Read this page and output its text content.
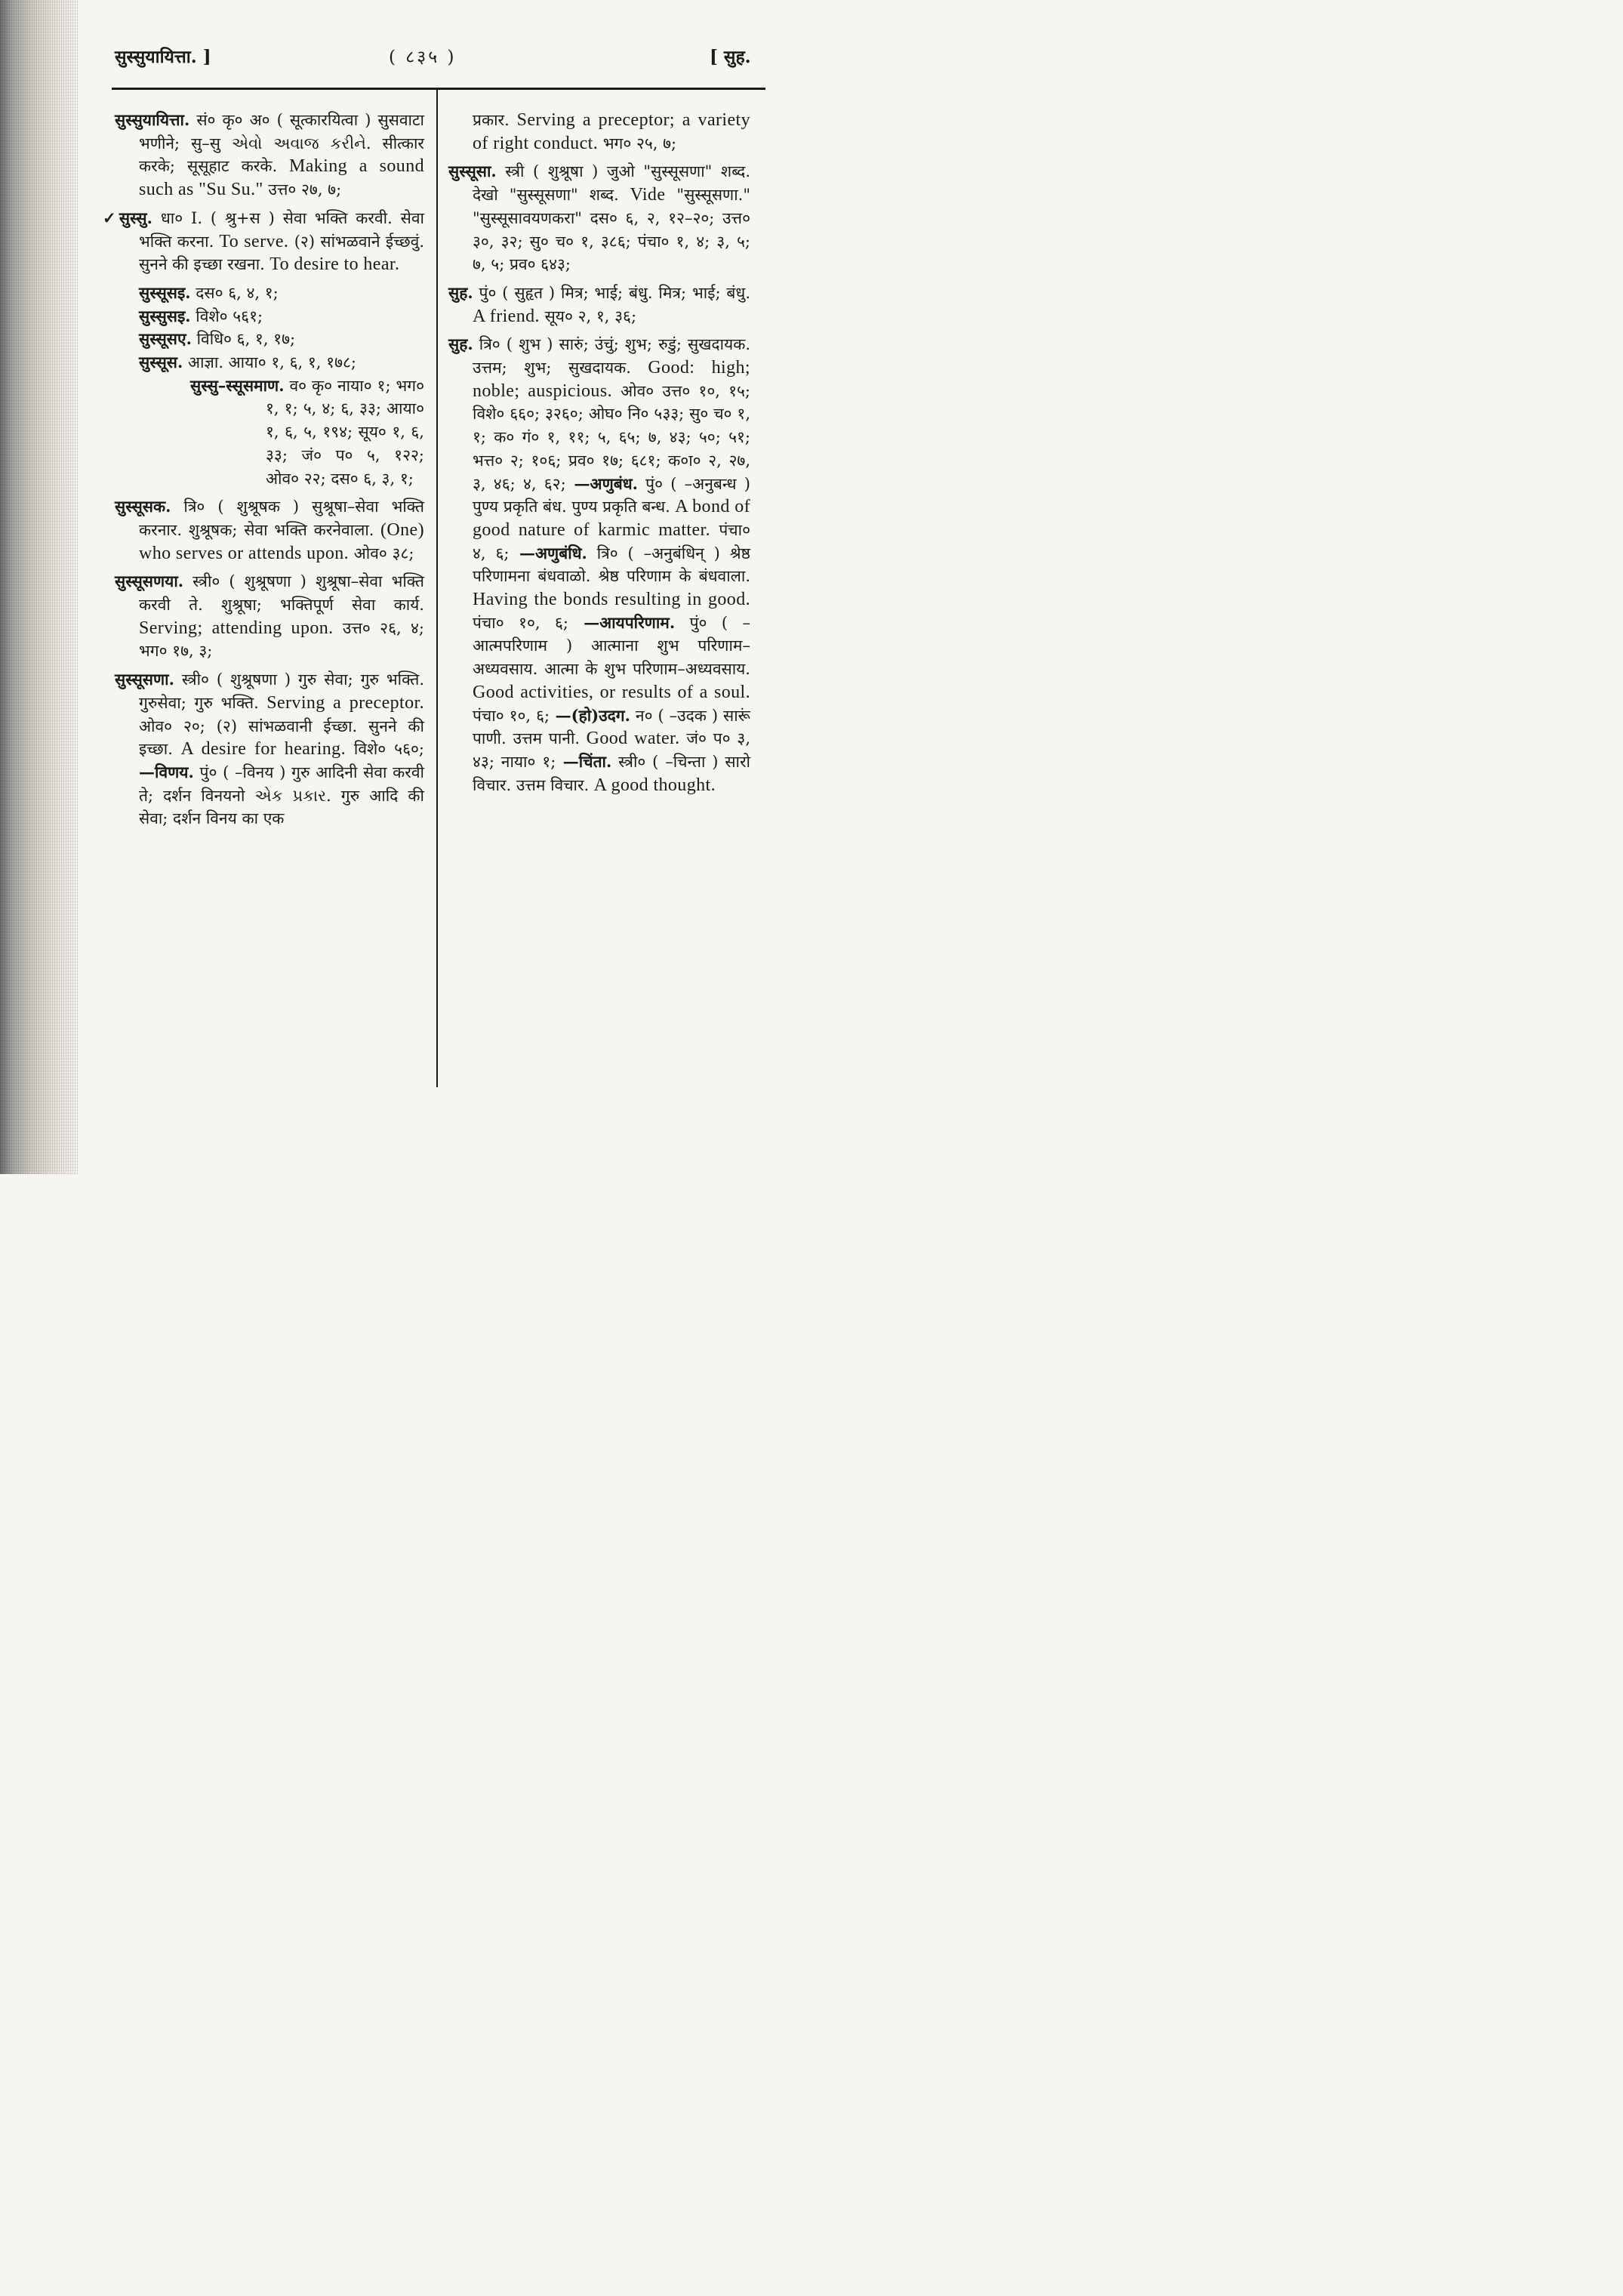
सुस्सुयायित्ता. ]	( ८३५ )	[ सुह.

सुस्सुयायित्ता. सं० कृ० अ० ( सूत्कारयित्वा ) सुसवाटा भणीने; सु–सु એવો અવાજ કરીને. सीत्कार करके; सूसूहाट करके. Making a sound such as "Su Su." उत्त० २७, ७;

✓सुस्सु. धा० I. ( श्रु+स ) सेवा भक्ति करवी. सेवा भक्ति करना. To serve. (२) सांभळवाने ईच्छवुं. सुनने की इच्छा रखना. To desire to hear.

सुस्सूसइ. दस० ६, ४, १;

सुस्सुसइ. विशे० ५६१;

सुस्सूसए. विधि० ६, १, १७;

सुस्सूस. आज्ञा. आया० १, ६, १, १७८;

सुस्सु–स्सूसमाण. व० कृ० नाया० १; भग० १, १; ५, ४; ६, ३३; आया० १, ६, ५, १९४; सूय० १, ६, ३३; जं० प० ५, १२२; ओव० २२; दस० ६, ३, १;

सुस्सूसक. त्रि० ( शुश्रूषक ) सुश्रूषा–सेवा भक्ति करनार. शुश्रूषक; सेवा भक्ति करनेवाला. (One) who serves or attends upon. ओव० ३८;

सुस्सूसणया. स्त्री० ( शुश्रूषणा ) शुश्रूषा–सेवा भक्ति करवी ते. शुश्रूषा; भक्तिपूर्ण सेवा कार्य. Serving; attending upon. उत्त० २६, ४; भग० १७, ३;

सुस्सूसणा. स्त्री० ( शुश्रूषणा ) गुरु सेवा; गुरु भक्ति. गुरुसेवा; गुरु भक्ति. Serving a preceptor. ओव० २०; (२) सांभळवानी ईच्छा. सुनने की इच्छा. A desire for hearing. विशे० ५६०; —विणय. पुं० ( –विनय ) गुरु आदिनी सेवा करवी ते; दर्शन विनयनो એક પ્રકાર. गुरु आदि की सेवा; दर्शन विनय का एक

प्रकार. Serving a preceptor; a variety of right conduct. भग० २५, ७;

सुस्सूसा. स्त्री ( शुश्रूषा ) जुओ "सुस्सूसणा" शब्द. देखो "सुस्सूसणा" शब्द. Vide "सुस्सूसणा." "सुस्सूसावयणकरा" दस० ६, २, १२–२०; उत्त० ३०, ३२; सु० च० १, ३८६; पंचा० १, ४; ३, ५; ७, ५; प्रव० ६४३;

सुह. पुं० ( सुहृत ) मित्र; भाई; बंधु. मित्र; भाई; बंधु. A friend. सूय० २, १, ३६;

सुह. त्रि० ( शुभ ) सारुं; उंचुं; शुभ; रुडुं; सुखदायक. उत्तम; शुभ; सुखदायक. Good: high; noble; auspicious. ओव० उत्त० १०, १५; विशे० ६६०; ३२६०; ओघ० नि० ५३३; सु० च० १, १; क० गं० १, ११; ५, ६५; ७, ४३; ५०; ५१; भत्त० २; १०६; प्रव० १७; ६८१; क०ा० २, २७, ३, ४६; ४, ६२; —अणुबंध. पुं० ( –अनुबन्ध ) पुण्य प्रकृति बंध. पुण्य प्रकृति बन्ध. A bond of good nature of karmic matter. पंचा० ४, ६; —अणुबंधि. त्रि० ( –अनुबंधिन् ) श्रेष्ठ परिणामना बंधवाळो. श्रेष्ठ परिणाम के बंधवाला. Having the bonds resulting in good. पंचा० १०, ६; —आयपरिणाम. पुं० ( –आत्मपरिणाम ) आत्माना शुभ परिणाम–अध्यवसाय. आत्मा के शुभ परिणाम–अध्यवसाय. Good activities, or results of a soul. पंचा० १०, ६; —(हो)उदग. न० ( –उदक ) सारूं पाणी. उत्तम पानी. Good water. जं० प० ३, ४३; नाया० १; —चिंता. स्त्री० ( –चिन्ता ) सारो विचार. उत्तम विचार. A good thought.
